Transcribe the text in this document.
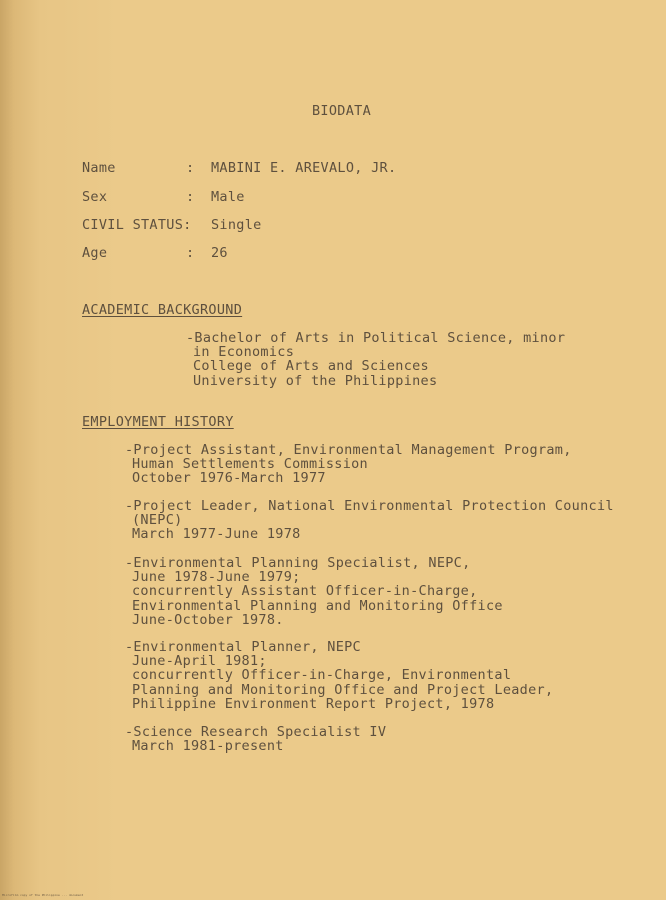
BIODATA
Name	: MABINI E. AREVALO, JR.
Sex	: Male
CIVIL STATUS: Single
Age	: 26
ACADEMIC BACKGROUND
-Bachelor of Arts in Political Science, minor
in Economics
College of Arts and Sciences
University of the Philippines
EMPLOYMENT HISTORY
-Project Assistant, Environmental Management Program,
Human Settlements Commission
October 1976-March 1977
-Project Leader, National Environmental Protection Council
(NEPC)
March 1977-June 1978
-Environmental Planning Specialist, NEPC,
June 1978-June 1979;
concurrently Assistant Officer-in-Charge,
Environmental Planning and Monitoring Office
June-October 1978.
-Environmental Planner, NEPC
June-April 1981;
concurrently Officer-in-Charge, Environmental
Planning and Monitoring Office and Project Leader,
Philippine Environment Report Project, 1978
-Science Research Specialist IV
March 1981-present
Microfilm copy of the Philippine ... document
